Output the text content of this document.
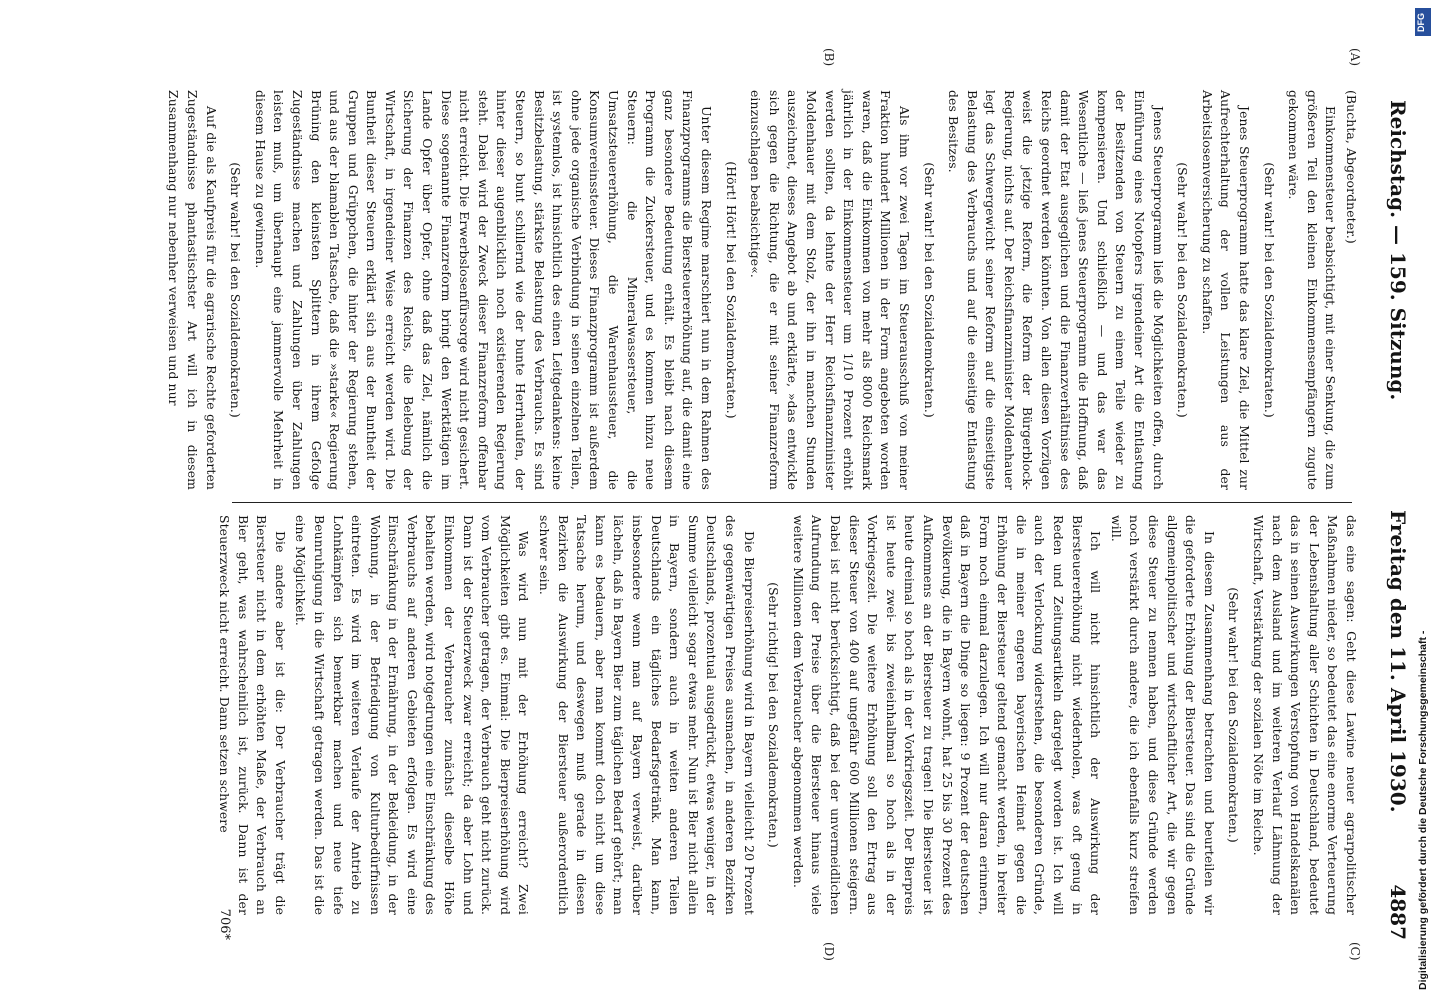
Reichstag. — 159. Sitzung.
Freitag den 11. April 1930.
4887
(A)
(B)
(C)
(D)

(Buchta, Abgeordneter.)

Einkommensteuer beabsichtigt, mit einer Senkung, die zum größeren Teil den kleinen Einkommensempfängern zugute gekommen wäre.

(Sehr wahr! bei den Sozialdemokraten.)

Jenes Steuerprogramm hatte das klare Ziel, die Mittel zur Aufrechterhaltung der vollen Leistungen aus der Arbeitslosenversicherung zu schaffen.

(Sehr wahr! bei den Sozialdemokraten.)

Jenes Steuerprogramm ließ die Möglichkeiten offen, durch Einführung eines Notopfers irgendeiner Art die Entlastung der Besitzenden von Steuern zu einem Teile wieder zu kompensieren. Und schließlich — und das war das Wesentliche — ließ jenes Steuerprogramm die Hoffnung, daß damit der Etat ausgeglichen und die Finanzverhältnisse des Reichs geordnet werden könnten. Von allen diesen Vorzügen weist die jetzige Reform, die Reform der Bürgerblock-Regierung, nichts auf. Der Reichsfinanzminister Moldenhauer legt das Schwergewicht seiner Reform auf die einseitigste Belastung des Verbrauchs und auf die einseitige Entlastung des Besitzes.

(Sehr wahr! bei den Sozialdemokraten.)

Als ihm vor zwei Tagen im Steuerausschuß von meiner Fraktion hundert Millionen in der Form angeboten worden waren, daß die Einkommen von mehr als 8000 Reichsmark jährlich in der Einkommensteuer um 1/10 Prozent erhöht werden sollten, da lehnte der Herr Reichsfinanzminister Moldenhauer mit dem Stolz, der ihn in manchen Stunden auszeichnet, dieses Angebot ab und erklärte, »das entwickle sich gegen die Richtung, die er mit seiner Finanzreform einzuschlagen beabsichtige«.

(Hört! Hört! bei den Sozialdemokraten.)

Unter diesem Regime marschiert nun in dem Rahmen des Finanzprogramms die Biersteuererhöhung auf, die damit eine ganz besondere Bedeutung erhält. Es bleibt nach diesem Programm die Zuckersteuer, und es kommen hinzu neue Steuern: die Mineralwassersteuer, die Umsatzsteuererhöhung, die Warenhaussteuer, die Konsumvereinssteuer. Dieses Finanzprogramm ist außerdem ohne jede organische Verbindung in seinen einzelnen Teilen, ist systemlos, ist hinsichtlich des einen Leitgedankens: keine Besitzbelastung, stärkste Belastung des Verbrauchs. Es sind Steuern, so bunt schillernd wie der bunte Herrhaufen, der hinter dieser augenblicklich noch existierenden Regierung steht. Dabei wird der Zweck dieser Finanzreform offenbar nicht erreicht. Die Erwerbslosenfürsorge wird nicht gesichert. Diese sogenannte Finanzreform bringt den Werktätigen im Lande Opfer über Opfer, ohne daß das Ziel, nämlich die Sicherung der Finanzen des Reichs, die Belebung der Wirtschaft, in irgendeiner Weise erreicht werden wird. Die Buntheit dieser Steuern erklärt sich aus der Buntheit der Gruppen und Grüppchen, die hinter der Regierung stehen, und aus der blamablen Tatsache, daß die »starke« Regierung Brüning den kleinsten Splittern in ihrem Gefolge Zugeständnisse machen und Zahlungen über Zahlungen leisten muß, um überhaupt eine jammervolle Mehrheit in diesem Hause zu gewinnen.

(Sehr wahr! bei den Sozialdemokraten.)

Auf die als Kaufpreis für die agrarische Rechte geforderten Zugeständnisse phantastischster Art will ich in diesem Zusammenhang nur nebenher verweisen und nur

das eine sagen: Geht diese Lawine neuer agrarpolitischer Maßnahmen nieder, so bedeutet das eine enorme Verteuerung der Lebenshaltung aller Schichten in Deutschland, bedeutet das in seinen Auswirkungen Verstopfung von Handelskanälen nach dem Ausland und im weiteren Verlauf Lähmung der Wirtschaft, Verstärkung der sozialen Nöte im Reiche.

(Sehr wahr! bei den Sozialdemokraten.)

In diesem Zusammenhang betrachten und beurteilen wir die geforderte Erhöhung der Biersteuer. Das sind die Gründe allgemeinpolitischer und wirtschaftlicher Art, die wir gegen diese Steuer zu nennen haben, und diese Gründe werden noch verstärkt durch andere, die ich ebenfalls kurz streifen will.

Ich will nicht hinsichtlich der Auswirkung der Biersteuererhöhung nicht wiederholen, was oft genug in Reden und Zeitungsartikeln dargelegt worden ist. Ich will auch der Verlockung widerstehen, die besonderen Gründe, die in meiner engeren bayerischen Heimat gegen die Erhöhung der Biersteuer geltend gemacht werden, in breiter Form noch einmal darzulegen. Ich will nur daran erinnern, daß in Bayern die Dinge so liegen: 9 Prozent der deutschen Bevölkerung, die in Bayern wohnt, hat 25 bis 30 Prozent des Aufkommens an der Biersteuer zu tragen! Die Biersteuer ist heute dreimal so hoch als in der Vorkriegszeit. Der Bierpreis ist heute zwei- bis zweieinhalbmal so hoch als in der Vorkriegszeit. Die weitere Erhöhung soll den Ertrag aus dieser Steuer von 400 auf ungefähr 600 Millionen steigern. Dabei ist nicht berücksichtigt, daß bei der unvermeidlichen Aufrundung der Preise über die Biersteuer hinaus viele weitere Millionen dem Verbraucher abgenommen werden.

(Sehr richtig! bei den Sozialdemokraten.)

Die Bierpreiserhöhung wird in Bayern vielleicht 20 Prozent des gegenwärtigen Preises ausmachen, in anderen Bezirken Deutschlands, prozentual ausgedrückt, etwas weniger, in der Summe vielleicht sogar etwas mehr. Nun ist Bier nicht allein in Bayern, sondern auch in weiten anderen Teilen Deutschlands ein tägliches Bedarfsgetränk. Man kann, insbesondere wenn man auf Bayern verweist, darüber lächeln, daß in Bayern Bier zum täglichen Bedarf gehört; man kann es bedauern, aber man kommt doch nicht um diese Tatsache herum, und deswegen muß gerade in diesen Bezirken die Auswirkung der Biersteuer außerordentlich schwer sein.

Was wird nun mit der Erhöhung erreicht? Zwei Möglichkeiten gibt es. Einmal: Die Bierpreiserhöhung wird vom Verbraucher getragen, der Verbrauch geht nicht zurück. Dann ist der Steuerzweck zwar erreicht; da aber Lohn und Einkommen der Verbraucher zunächst dieselbe Höhe behalten werden, wird notgedrungen eine Einschränkung des Verbrauchs auf anderen Gebieten erfolgen. Es wird eine Einschränkung in der Ernährung, in der Bekleidung, in der Wohnung, in der Befriedigung von Kulturbedürfnissen eintreten. Es wird im weiteren Verlaufe der Antrieb zu Lohnkämpfen sich bemerkbar machen und neue tiefe Beunruhigung in die Wirtschaft getragen werden. Das ist die eine Möglichkeit.

Die andere aber ist die: Der Verbraucher trägt die Biersteuer nicht in dem erhöhten Maße, der Verbrauch an Bier geht, was wahrscheinlich ist, zurück. Dann ist der Steuerzweck nicht erreicht. Dann setzen schwere

706*
DFG
Digitalisierung gefördert durch die Deutsche Forschungsgemeinschaft -
